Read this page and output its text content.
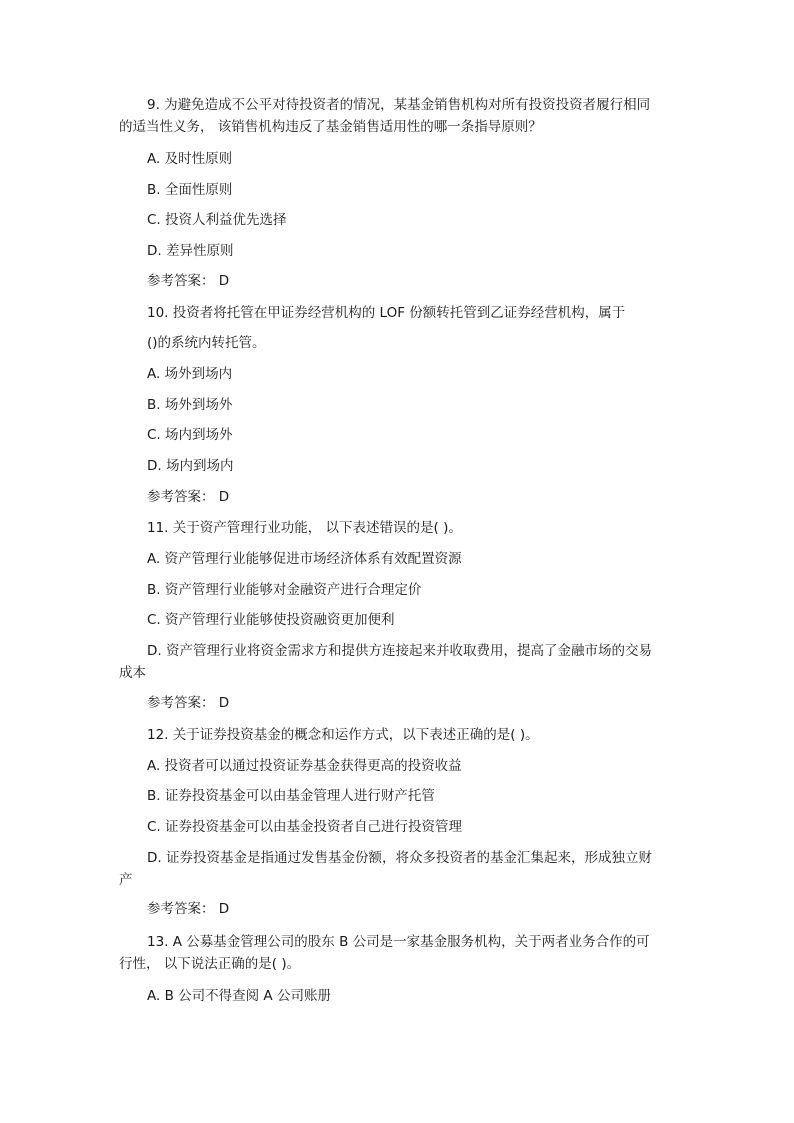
9. 为避免造成不公平对待投资者的情况，某基金销售机构对所有投资投资者履行相同
的适当性义务， 该销售机构违反了基金销售适用性的哪一条指导原则？
A. 及时性原则
B. 全面性原则
C. 投资人利益优先选择
D. 差异性原则
参考答案： D
10. 投资者将托管在甲证券经营机构的 LOF 份额转托管到乙证券经营机构，属于
()的系统内转托管。
A. 场外到场内
B. 场外到场外
C. 场内到场外
D. 场内到场内
参考答案： D
11. 关于资产管理行业功能， 以下表述错误的是( )。
A. 资产管理行业能够促进市场经济体系有效配置资源
B. 资产管理行业能够对金融资产进行合理定价
C. 资产管理行业能够使投资融资更加便利
D. 资产管理行业将资金需求方和提供方连接起来并收取费用，提高了金融市场的交易
成本
参考答案： D
12. 关于证券投资基金的概念和运作方式，以下表述正确的是( )。
A. 投资者可以通过投资证券基金获得更高的投资收益
B. 证券投资基金可以由基金管理人进行财产托管
C. 证券投资基金可以由基金投资者自己进行投资管理
D. 证券投资基金是指通过发售基金份额，将众多投资者的基金汇集起来，形成独立财
产
参考答案： D
13. A 公募基金管理公司的股东 B 公司是一家基金服务机构，关于两者业务合作的可
行性， 以下说法正确的是( )。
A. B 公司不得查阅 A 公司账册
